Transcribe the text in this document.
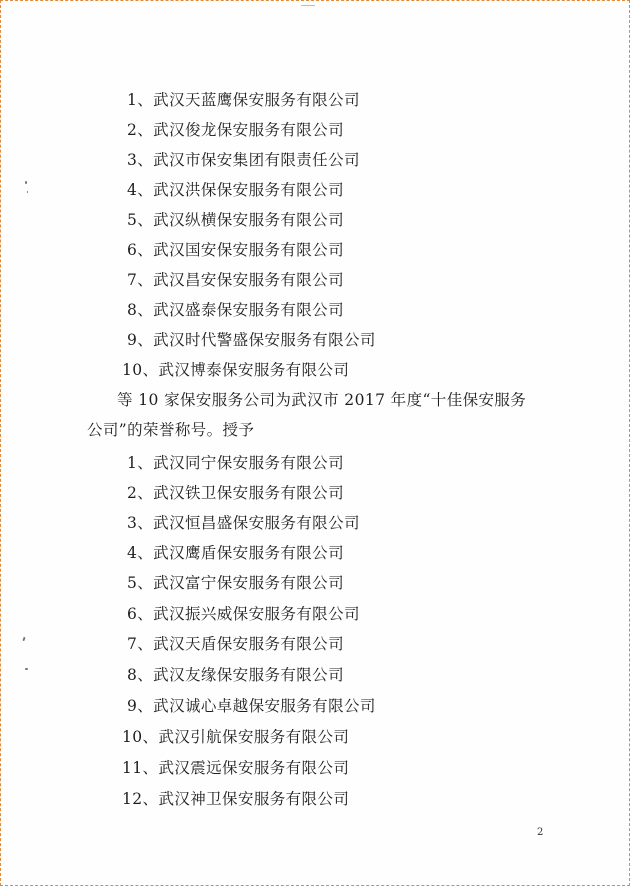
1、武汉天蓝鹰保安服务有限公司
2、武汉俊龙保安服务有限公司
3、武汉市保安集团有限责任公司
4、武汉洪保保安服务有限公司
5、武汉纵横保安服务有限公司
6、武汉国安保安服务有限公司
7、武汉昌安保安服务有限公司
8、武汉盛泰保安服务有限公司
9、武汉时代警盛保安服务有限公司
10、武汉博泰保安服务有限公司

等 10 家保安服务公司为武汉市 2017 年度“十佳保安服务
公司”的荣誉称号。授予

1、武汉同宁保安服务有限公司
2、武汉铁卫保安服务有限公司
3、武汉恒昌盛保安服务有限公司
4、武汉鹰盾保安服务有限公司
5、武汉富宁保安服务有限公司
6、武汉振兴威保安服务有限公司
7、武汉天盾保安服务有限公司
8、武汉友缘保安服务有限公司
9、武汉诚心卓越保安服务有限公司
10、武汉引航保安服务有限公司
11、武汉震远保安服务有限公司
12、武汉神卫保安服务有限公司
2
